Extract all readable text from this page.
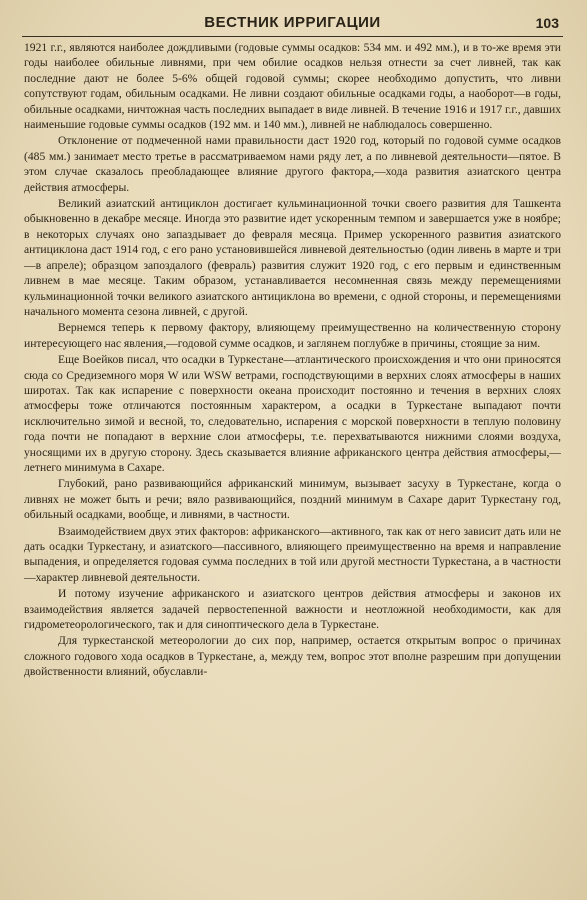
ВЕСТНИК ИРРИГАЦИИ	103

1921 г.г., являются наиболее дождливыми (годовые суммы осадков: 534 мм. и 492 мм.), и в то-же время эти годы наиболее обильные ливнями, при чем обилие осадков нельзя отнести за счет ливней, так как последние дают не более 5-6% общей годовой суммы; скорее необходимо допустить, что ливни сопутствуют годам, обильным осадками. Не ливни создают обильные осадками годы, а наоборот—в годы, обильные осадками, ничтожная часть последних выпадает в виде ливней. В течение 1916 и 1917 г.г., давших наименьшие годовые суммы осадков (192 мм. и 140 мм.), ливней не наблюдалось совершенно.

Отклонение от подмеченной нами правильности даст 1920 год, который по годовой сумме осадков (485 мм.) занимает место третье в рассматриваемом нами ряду лет, а по ливневой деятельности—пятое. В этом случае сказалось преобладающее влияние другого фактора,—хода развития азиатского центра действия атмосферы.

Великий азиатский антициклон достигает кульминационной точки своего развития для Ташкента обыкновенно в декабре месяце. Иногда это развитие идет ускоренным темпом и завершается уже в ноябре; в некоторых случаях оно запаздывает до февраля месяца. Пример ускоренного развития азиатского антициклона даст 1914 год, с его рано установившейся ливневой деятельностью (один ливень в марте и три—в апреле); образцом запоздалого (февраль) развития служит 1920 год, с его первым и единственным ливнем в мае месяце. Таким образом, устанавливается несомненная связь между перемещениями кульминационной точки великого азиатского антициклона во времени, с одной стороны, и перемещениями начального момента сезона ливней, с другой.

Вернемся теперь к первому фактору, влияющему преимущественно на количественную сторону интересующего нас явления,—годовой сумме осадков, и заглянем поглубже в причины, стоящие за ним.

Еще Воейков писал, что осадки в Туркестане—атлантического происхождения и что они приносятся сюда со Средиземного моря W или WSW ветрами, господствующими в верхних слоях атмосферы в наших широтах. Так как испарение с поверхности океана происходит постоянно и течения в верхних слоях атмосферы тоже отличаются постоянным характером, а осадки в Туркестане выпадают почти исключительно зимой и весной, то, следовательно, испарения с морской поверхности в теплую половину года почти не попадают в верхние слои атмосферы, т.е. перехватываются нижними слоями воздуха, уносящими их в другую сторону. Здесь сказывается влияние африканского центра действия атмосферы,—летнего минимума в Сахаре.

Глубокий, рано развивающийся африканский минимум, вызывает засуху в Туркестане, когда о ливнях не может быть и речи; вяло развивающийся, поздний минимум в Сахаре дарит Туркестану год, обильный осадками, вообще, и ливнями, в частности.

Взаимодействием двух этих факторов: африканского—активного, так как от него зависит дать или не дать осадки Туркестану, и азиатского—пассивного, влияющего преимущественно на время и направление выпадения, и определяется годовая сумма последних в той или другой местности Туркестана, а в частности—характер ливневой деятельности.

И потому изучение африканского и азиатского центров действия атмосферы и законов их взаимодействия является задачей первостепенной важности и неотложной необходимости, как для гидрометеорологического, так и для синоптического дела в Туркестане.

Для туркестанской метеорологии до сих пор, например, остается открытым вопрос о причинах сложного годового хода осадков в Туркестане, а, между тем, вопрос этот вполне разрешим при допущении двойственности влияний, обуславли-
